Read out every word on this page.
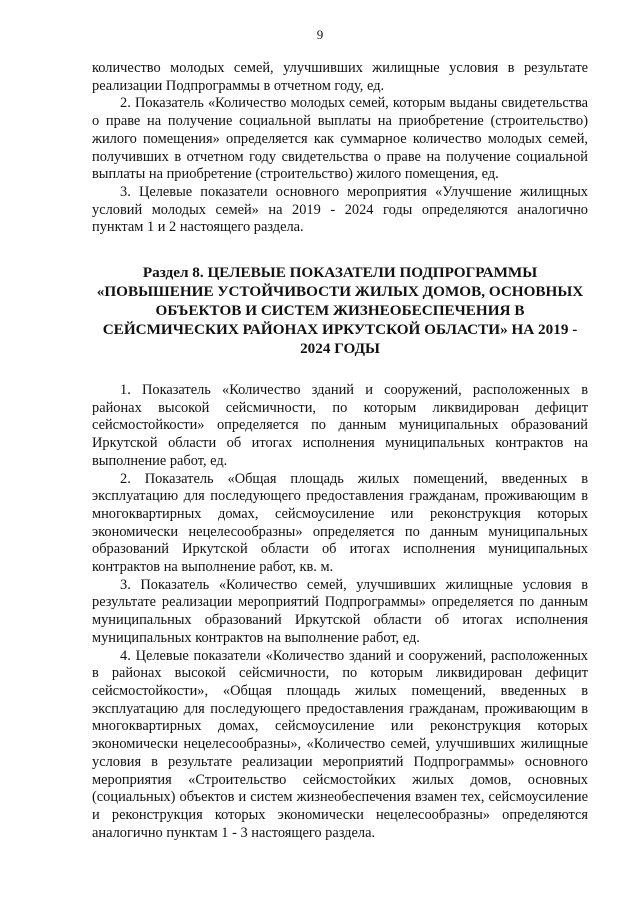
9

количество молодых семей, улучшивших жилищные условия в результате реализации Подпрограммы в отчетном году, ед.

2. Показатель «Количество молодых семей, которым выданы свидетельства о праве на получение социальной выплаты на приобретение (строительство) жилого помещения» определяется как суммарное количество молодых семей, получивших в отчетном году свидетельства о праве на получение социальной выплаты на приобретение (строительство) жилого помещения, ед.

3. Целевые показатели основного мероприятия «Улучшение жилищных условий молодых семей» на 2019 - 2024 годы определяются аналогично пунктам 1 и 2 настоящего раздела.

Раздел 8. ЦЕЛЕВЫЕ ПОКАЗАТЕЛИ ПОДПРОГРАММЫ
«ПОВЫШЕНИЕ УСТОЙЧИВОСТИ ЖИЛЫХ ДОМОВ, ОСНОВНЫХ
ОБЪЕКТОВ И СИСТЕМ ЖИЗНЕОБЕСПЕЧЕНИЯ В
СЕЙСМИЧЕСКИХ РАЙОНАХ ИРКУТСКОЙ ОБЛАСТИ» НА 2019 -
2024 ГОДЫ

1. Показатель «Количество зданий и сооружений, расположенных в районах высокой сейсмичности, по которым ликвидирован дефицит сейсмостойкости» определяется по данным муниципальных образований Иркутской области об итогах исполнения муниципальных контрактов на выполнение работ, ед.

2. Показатель «Общая площадь жилых помещений, введенных в эксплуатацию для последующего предоставления гражданам, проживающим в многоквартирных домах, сейсмоусиление или реконструкция которых экономически нецелесообразны» определяется по данным муниципальных образований Иркутской области об итогах исполнения муниципальных контрактов на выполнение работ, кв. м.

3. Показатель «Количество семей, улучшивших жилищные условия в результате реализации мероприятий Подпрограммы» определяется по данным муниципальных образований Иркутской области об итогах исполнения муниципальных контрактов на выполнение работ, ед.

4. Целевые показатели «Количество зданий и сооружений, расположенных в районах высокой сейсмичности, по которым ликвидирован дефицит сейсмостойкости», «Общая площадь жилых помещений, введенных в эксплуатацию для последующего предоставления гражданам, проживающим в многоквартирных домах, сейсмоусиление или реконструкция которых экономически нецелесообразны», «Количество семей, улучшивших жилищные условия в результате реализации мероприятий Подпрограммы» основного мероприятия «Строительство сейсмостойких жилых домов, основных (социальных) объектов и систем жизнеобеспечения взамен тех, сейсмоусиление и реконструкция которых экономически нецелесообразны» определяются аналогично пунктам 1 - 3 настоящего раздела.
